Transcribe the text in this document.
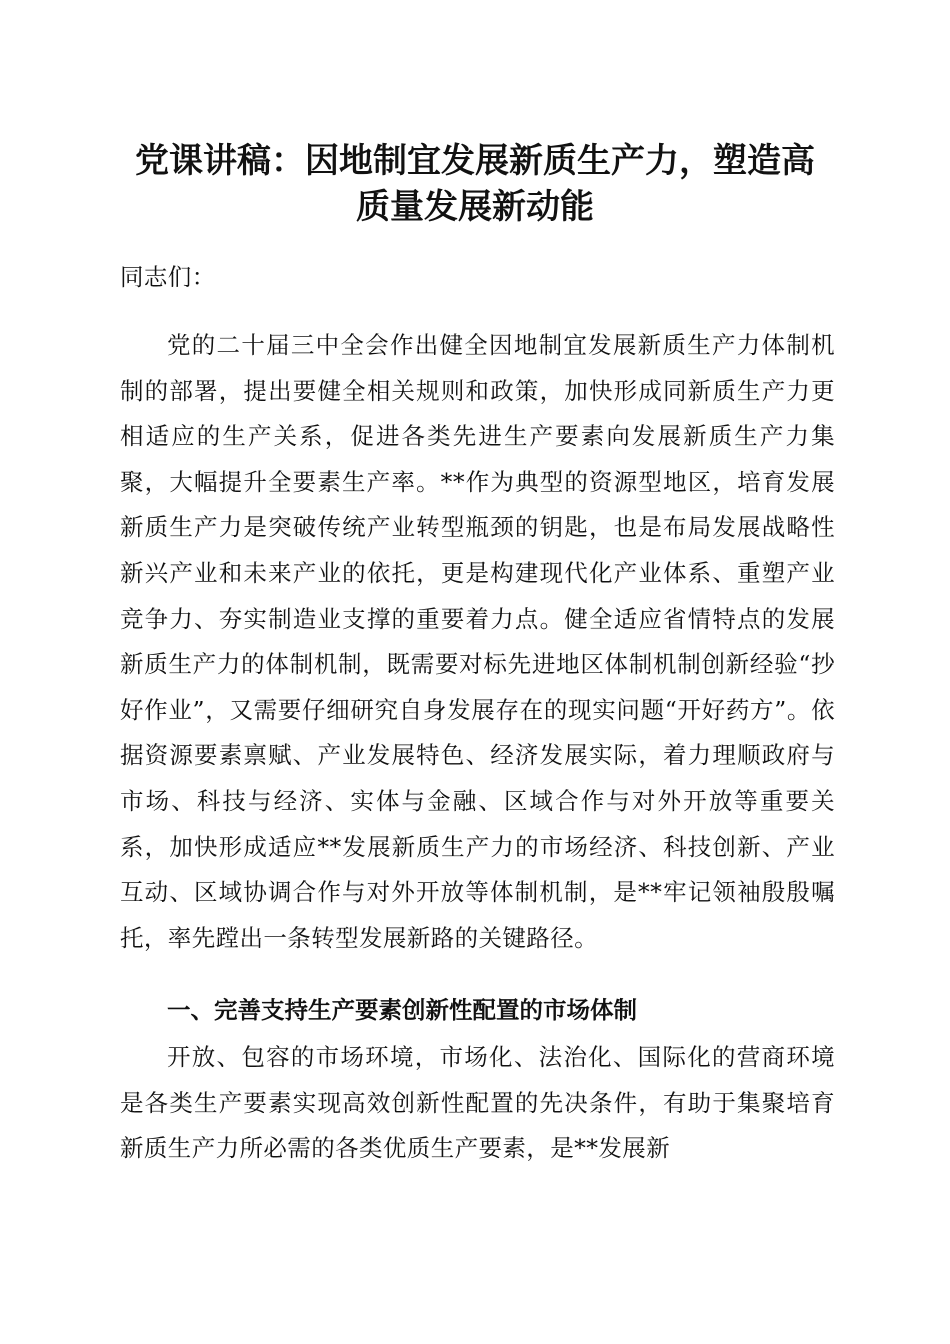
党课讲稿：因地制宜发展新质生产力，塑造高
质量发展新动能

同志们：

党的二十届三中全会作出健全因地制宜发展新质生产力体制机制的部署，提出要健全相关规则和政策，加快形成同新质生产力更相适应的生产关系，促进各类先进生产要素向发展新质生产力集聚，大幅提升全要素生产率。**作为典型的资源型地区，培育发展新质生产力是突破传统产业转型瓶颈的钥匙，也是布局发展战略性新兴产业和未来产业的依托，更是构建现代化产业体系、重塑产业竞争力、夯实制造业支撑的重要着力点。健全适应省情特点的发展新质生产力的体制机制，既需要对标先进地区体制机制创新经验“抄好作业”，又需要仔细研究自身发展存在的现实问题“开好药方”。依据资源要素禀赋、产业发展特色、经济发展实际，着力理顺政府与市场、科技与经济、实体与金融、区域合作与对外开放等重要关系，加快形成适应**发展新质生产力的市场经济、科技创新、产业互动、区域协调合作与对外开放等体制机制，是**牢记领袖殷殷嘱托，率先蹚出一条转型发展新路的关键路径。

一、完善支持生产要素创新性配置的市场体制

开放、包容的市场环境，市场化、法治化、国际化的营商环境是各类生产要素实现高效创新性配置的先决条件，有助于集聚培育新质生产力所必需的各类优质生产要素，是**发展新
